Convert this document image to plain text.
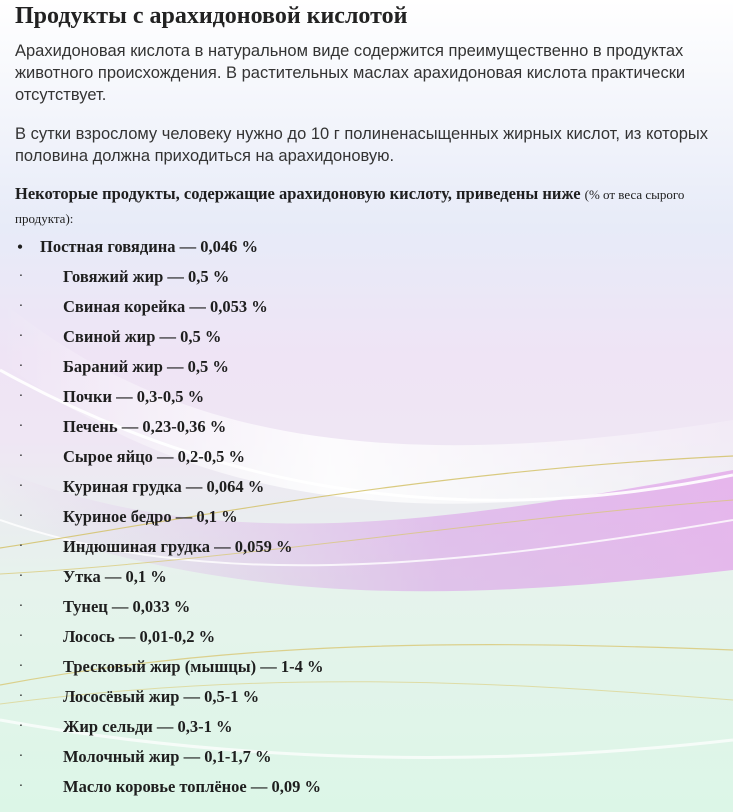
Продукты с арахидоновой кислотой

Арахидоновая кислота в натуральном виде содержится преимущественно в продуктах животного происхождения. В растительных маслах арахидоновая кислота практически отсутствует.

В сутки взрослому человеку нужно до 10 г полиненасыщенных жирных кислот, из которых половина должна приходиться на арахидоновую.

Некоторые продукты, содержащие арахидоновую кислоту, приведены ниже (% от веса сырого продукта):

• Постная говядина — 0,046 %
· Говяжий жир — 0,5 %
· Свиная корейка — 0,053 %
· Свиной жир — 0,5 %
· Бараний жир — 0,5 %
· Почки — 0,3-0,5 %
· Печень — 0,23-0,36 %
· Сырое яйцо — 0,2-0,5 %
· Куриная грудка — 0,064 %
· Куриное бедро — 0,1 %
· Индюшиная грудка — 0,059 %
· Утка — 0,1 %
· Тунец — 0,033 %
· Лосось — 0,01-0,2 %
· Тресковый жир (мышцы) — 1-4 %
· Лососёвый жир — 0,5-1 %
· Жир сельди — 0,3-1 %
· Молочный жир — 0,1-1,7 %
· Масло коровье топлёное — 0,09 %
